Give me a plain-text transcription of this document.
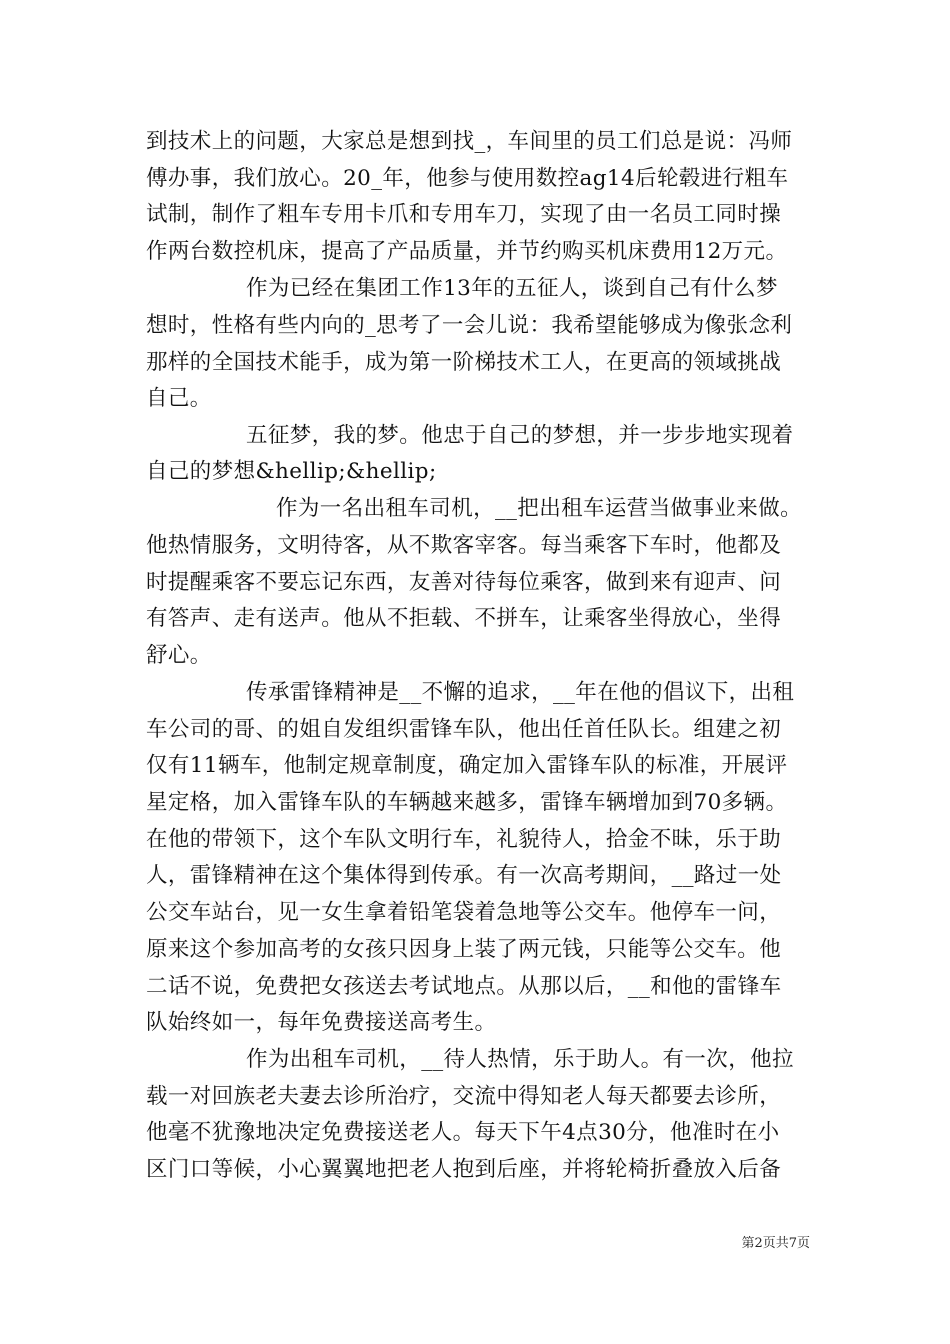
到技术上的问题，大家总是想到找_，车间里的员工们总是说：冯师
傅办事，我们放心。20_年，他参与使用数控ag14后轮毂进行粗车
试制，制作了粗车专用卡爪和专用车刀，实现了由一名员工同时操
作两台数控机床，提高了产品质量，并节约购买机床费用12万元。
作为已经在集团工作13年的五征人，谈到自己有什么梦
想时，性格有些内向的_思考了一会儿说：我希望能够成为像张念利
那样的全国技术能手，成为第一阶梯技术工人，在更高的领域挑战
自己。
五征梦，我的梦。他忠于自己的梦想，并一步步地实现着
自己的梦想&hellip;&hellip;
作为一名出租车司机，__把出租车运营当做事业来做。
他热情服务，文明待客，从不欺客宰客。每当乘客下车时，他都及
时提醒乘客不要忘记东西，友善对待每位乘客，做到来有迎声、问
有答声、走有送声。他从不拒载、不拼车，让乘客坐得放心，坐得
舒心。
传承雷锋精神是__不懈的追求，__年在他的倡议下，出租
车公司的哥、的姐自发组织雷锋车队，他出任首任队长。组建之初
仅有11辆车，他制定规章制度，确定加入雷锋车队的标准，开展评
星定格，加入雷锋车队的车辆越来越多，雷锋车辆增加到70多辆。
在他的带领下，这个车队文明行车，礼貌待人，拾金不昧，乐于助
人，雷锋精神在这个集体得到传承。有一次高考期间，__路过一处
公交车站台，见一女生拿着铅笔袋着急地等公交车。他停车一问，
原来这个参加高考的女孩只因身上装了两元钱，只能等公交车。他
二话不说，免费把女孩送去考试地点。从那以后，__和他的雷锋车
队始终如一，每年免费接送高考生。
作为出租车司机，__待人热情，乐于助人。有一次，他拉
载一对回族老夫妻去诊所治疗，交流中得知老人每天都要去诊所，
他毫不犹豫地决定免费接送老人。每天下午4点30分，他准时在小
区门口等候，小心翼翼地把老人抱到后座，并将轮椅折叠放入后备
第2页共7页
